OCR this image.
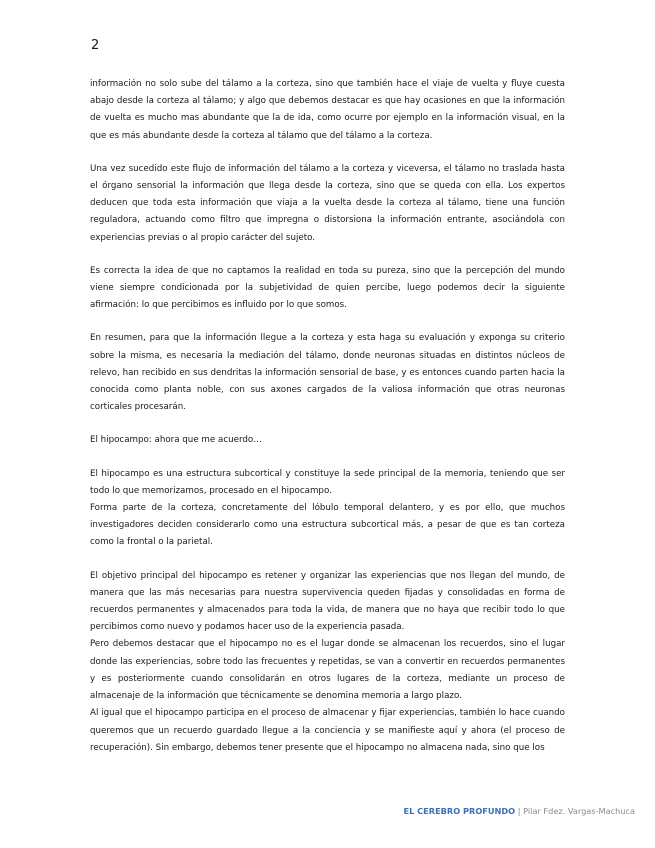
2

información no solo sube del tálamo a la corteza, sino que también hace el viaje de vuelta y fluye cuesta abajo desde la corteza al tálamo; y algo que debemos destacar es que hay ocasiones en que la información de vuelta es mucho mas abundante que la de ida, como ocurre por ejemplo en la información visual, en la que es más abundante desde la corteza al tálamo que del tálamo a la corteza.

Una vez sucedido este flujo de información del tálamo a la corteza y viceversa, el tálamo no traslada hasta el órgano sensorial la información que llega desde la corteza, sino que se queda con ella. Los expertos deducen que toda esta información que viaja a la vuelta desde la corteza al tálamo, tiene una función reguladora, actuando como filtro que impregna o distorsiona la información entrante, asociándola con experiencias previas o al propio carácter del sujeto.

Es correcta la idea de que no captamos la realidad en toda su pureza, sino que la percepción del mundo viene siempre condicionada por la subjetividad de quien percibe, luego podemos decir la siguiente afirmación: lo que percibimos es influido por lo que somos.

En resumen, para que la información llegue a la corteza y esta haga su evaluación y exponga su criterio sobre la misma, es necesaria la mediación del tálamo, donde neuronas situadas en distintos núcleos de relevo, han recibido en sus dendritas la información sensorial de base, y es entonces cuando parten hacia la conocida como planta noble, con sus axones cargados de la valiosa información que otras neuronas corticales procesarán.

El hipocampo: ahora que me acuerdo…

El hipocampo es una estructura subcortical y constituye la sede principal de la memoria, teniendo que ser todo lo que memorizamos, procesado en el hipocampo.

Forma parte de la corteza, concretamente del lóbulo temporal delantero, y es por ello, que muchos investigadores deciden considerarlo como una estructura subcortical más, a pesar de que es tan corteza como la frontal o la parietal.

El objetivo principal del hipocampo es retener y organizar las experiencias que nos llegan del mundo, de manera que las más necesarias para nuestra supervivencia queden fijadas y consolidadas en forma de recuerdos permanentes y almacenados para toda la vida, de manera que no haya que recibir todo lo que percibimos como nuevo y podamos hacer uso de la experiencia pasada.

Pero debemos destacar que el hipocampo no es el lugar donde se almacenan los recuerdos, sino el lugar donde las experiencias, sobre todo las frecuentes y repetidas, se van a convertir en recuerdos permanentes y es posteriormente cuando consolidarán en otros lugares de la corteza, mediante un proceso de almacenaje de la información que técnicamente se denomina memoria a largo plazo.

Al igual que el hipocampo participa en el proceso de almacenar y fijar experiencias, también lo hace cuando queremos que un recuerdo guardado llegue a la conciencia y se manifieste aquí y ahora (el proceso de recuperación). Sin embargo, debemos tener presente que el hipocampo no almacena nada, sino que los

EL CEREBRO PROFUNDO | Pilar Fdez. Vargas-Machuca
